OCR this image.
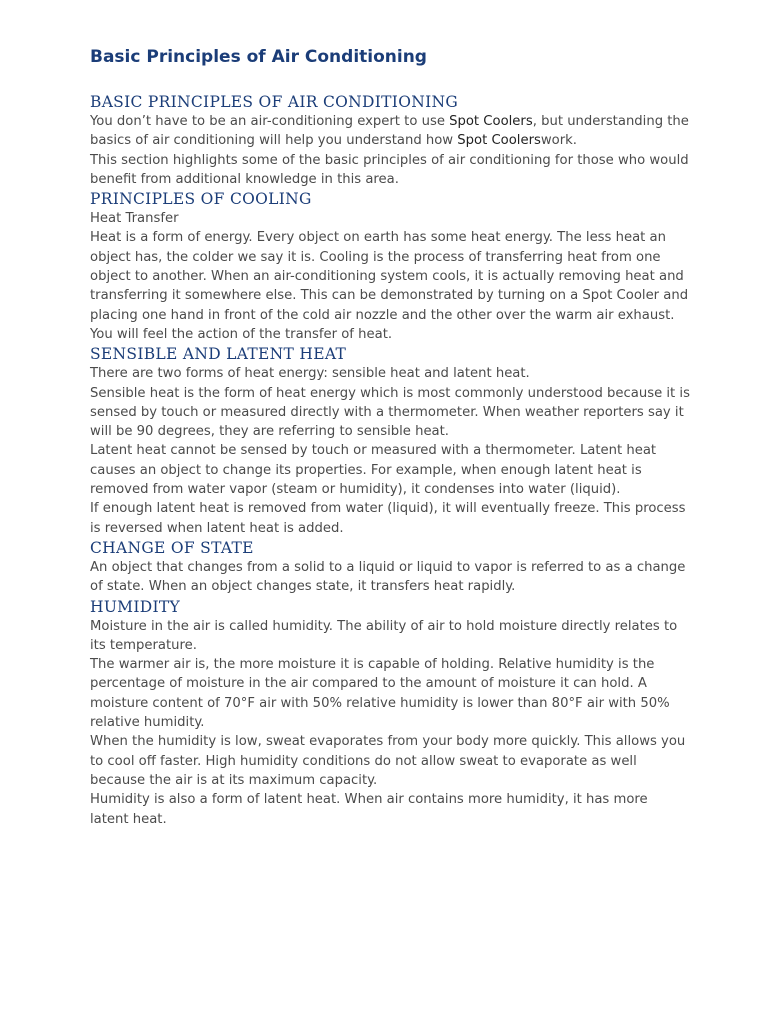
Basic Principles of Air Conditioning
BASIC PRINCIPLES OF AIR CONDITIONING

You don’t have to be an air-conditioning expert to use Spot Coolers, but understanding the basics of air conditioning will help you understand how Spot Coolerswork.

This section highlights some of the basic principles of air conditioning for those who would benefit from additional knowledge in this area.

PRINCIPLES OF COOLING

Heat Transfer

Heat is a form of energy. Every object on earth has some heat energy. The less heat an object has, the colder we say it is. Cooling is the process of transferring heat from one object to another. When an air-conditioning system cools, it is actually removing heat and transferring it somewhere else. This can be demonstrated by turning on a Spot Cooler and placing one hand in front of the cold air nozzle and the other over the warm air exhaust. You will feel the action of the transfer of heat.

SENSIBLE AND LATENT HEAT

There are two forms of heat energy: sensible heat and latent heat.

Sensible heat is the form of heat energy which is most commonly understood because it is sensed by touch or measured directly with a thermometer. When weather reporters say it will be 90 degrees, they are referring to sensible heat.

Latent heat cannot be sensed by touch or measured with a thermometer. Latent heat causes an object to change its properties. For example, when enough latent heat is removed from water vapor (steam or humidity), it condenses into water (liquid).

If enough latent heat is removed from water (liquid), it will eventually freeze. This process is reversed when latent heat is added.

CHANGE OF STATE

An object that changes from a solid to a liquid or liquid to vapor is referred to as a change of state. When an object changes state, it transfers heat rapidly.

HUMIDITY

Moisture in the air is called humidity. The ability of air to hold moisture directly relates to its temperature.

The warmer air is, the more moisture it is capable of holding. Relative humidity is the percentage of moisture in the air compared to the amount of moisture it can hold. A moisture content of 70°F air with 50% relative humidity is lower than 80°F air with 50% relative humidity.

When the humidity is low, sweat evaporates from your body more quickly. This allows you to cool off faster. High humidity conditions do not allow sweat to evaporate as well because the air is at its maximum capacity.

Humidity is also a form of latent heat. When air contains more humidity, it has more latent heat.
